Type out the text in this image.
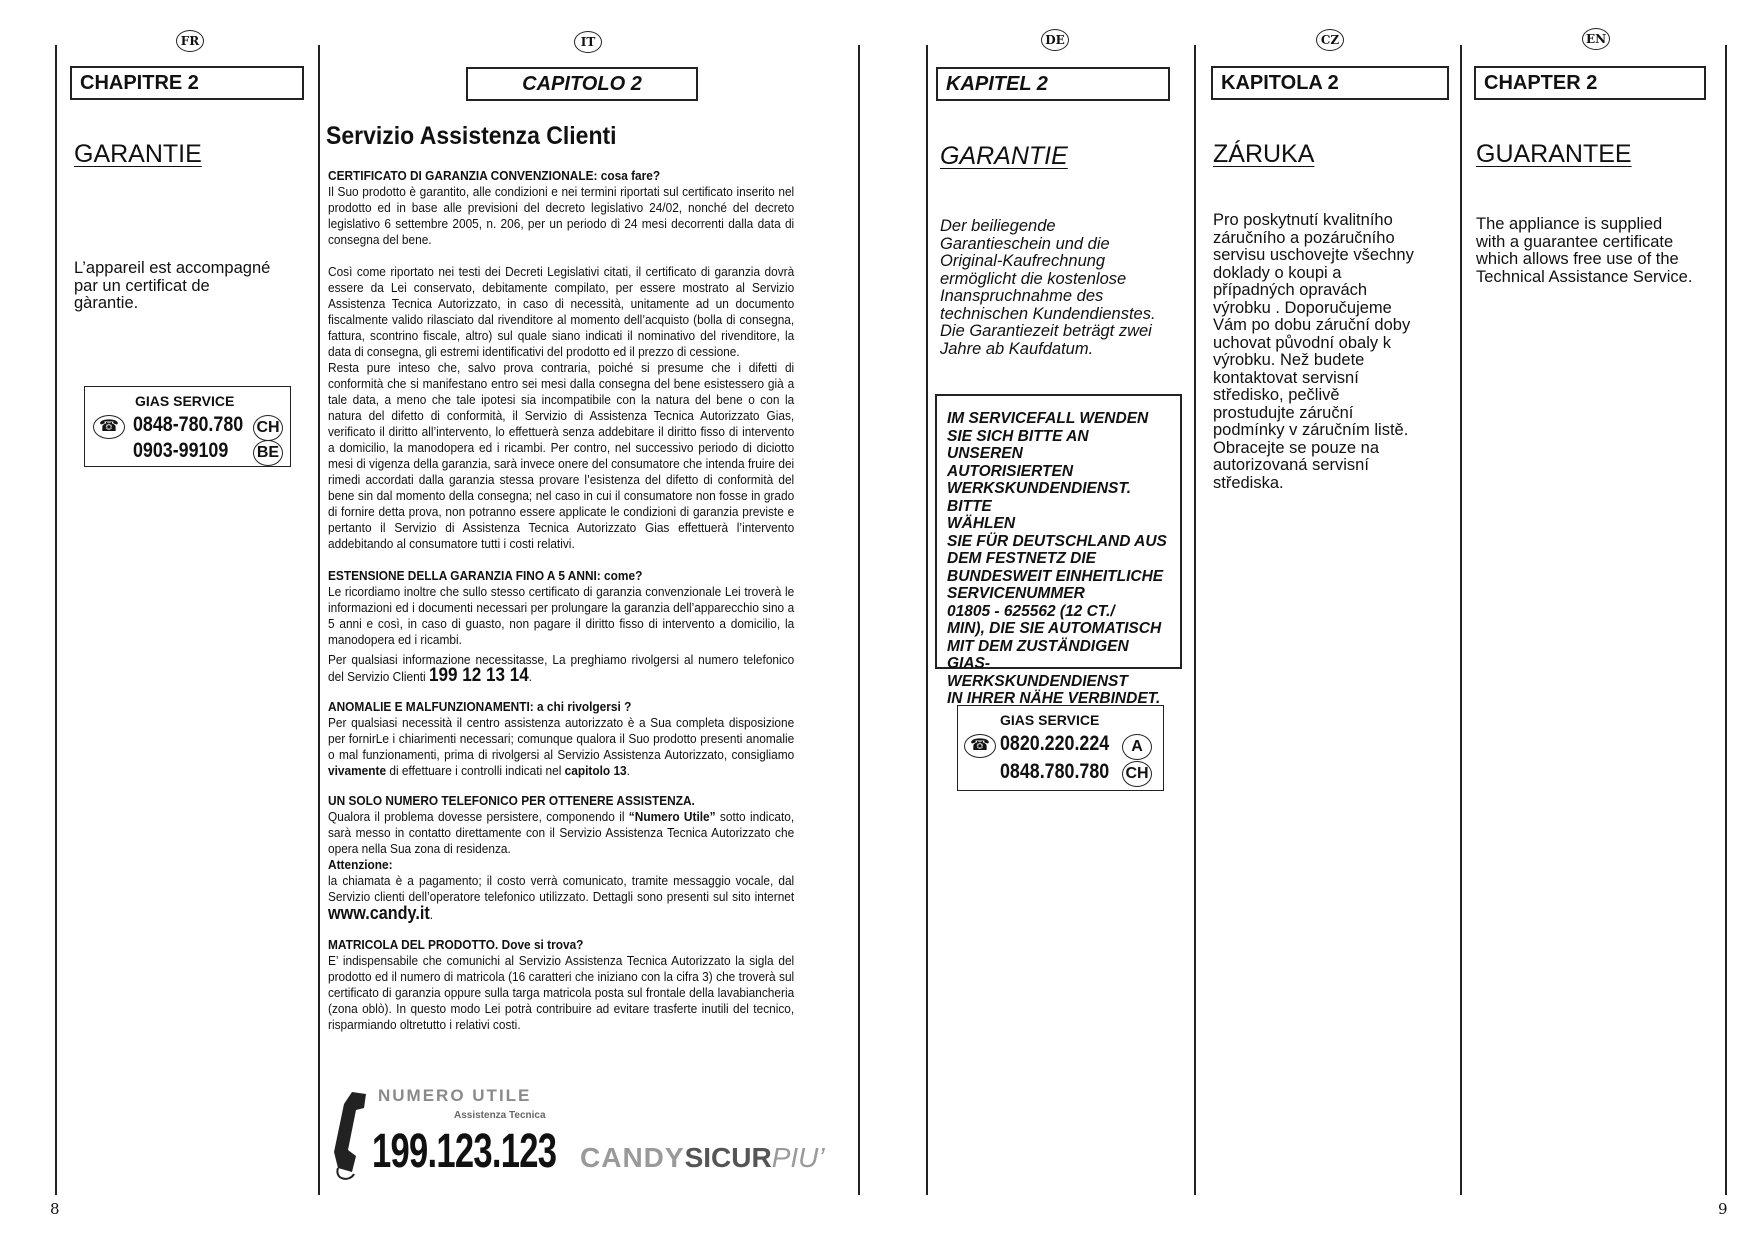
FR	IT	DE	CZ	EN
CHAPITRE 2
GARANTIE
L’appareil est accompagné
par un certificat de
gàrantie.
GIAS SERVICE
☎ 0848-780.780 CH
0903-99109 BE
CAPITOLO 2
Servizio Assistenza Clienti

CERTIFICATO DI GARANZIA CONVENZIONALE: cosa fare?

Il Suo prodotto è garantito, alle condizioni e nei termini riportati sul certificato inserito nel prodotto ed in base alle previsioni del decreto legislativo 24/02, nonché del decreto legislativo 6 settembre 2005, n. 206, per un periodo di 24 mesi decorrenti dalla data di consegna del bene.

Così come riportato nei testi dei Decreti Legislativi citati, il certificato di garanzia dovrà essere da Lei conservato, debitamente compilato, per essere mostrato al Servizio Assistenza Tecnica Autorizzato, in caso di necessità, unitamente ad un documento fiscalmente valido rilasciato dal rivenditore al momento dell’acquisto (bolla di consegna, fattura, scontrino fiscale, altro) sul quale siano indicati il nominativo del rivenditore, la data di consegna, gli estremi identificativi del prodotto ed il prezzo di cessione.

Resta pure inteso che, salvo prova contraria, poiché si presume che i difetti di conformità che si manifestano entro sei mesi dalla consegna del bene esistessero già a tale data, a meno che tale ipotesi sia incompatibile con la natura del bene o con la natura del difetto di conformità, il Servizio di Assistenza Tecnica Autorizzato Gias, verificato il diritto all’intervento, lo effettuerà senza addebitare il diritto fisso di intervento a domicilio, la manodopera ed i ricambi. Per contro, nel successivo periodo di diciotto mesi di vigenza della garanzia, sarà invece onere del consumatore che intenda fruire dei rimedi accordati dalla garanzia stessa provare l’esistenza del difetto di conformità del bene sin dal momento della consegna; nel caso in cui il consumatore non fosse in grado di fornire detta prova, non potranno essere applicate le condizioni di garanzia previste e pertanto il Servizio di Assistenza Tecnica Autorizzato Gias effettuerà l’intervento addebitando al consumatore tutti i costi relativi.

ESTENSIONE DELLA GARANZIA FINO A 5 ANNI: come?

Le ricordiamo inoltre che sullo stesso certificato di garanzia convenzionale Lei troverà le informazioni ed i documenti necessari per prolungare la garanzia dell’apparecchio sino a 5 anni e così, in caso di guasto, non pagare il diritto fisso di intervento a domicilio, la manodopera ed i ricambi.

Per qualsiasi informazione necessitasse, La preghiamo rivolgersi al numero telefonico del Servizio Clienti 199 12 13 14.

ANOMALIE E MALFUNZIONAMENTI: a chi rivolgersi ?

Per qualsiasi necessità il centro assistenza autorizzato è a Sua completa disposizione per fornirLe i chiarimenti necessari; comunque qualora il Suo prodotto presenti anomalie o mal funzionamenti, prima di rivolgersi al Servizio Assistenza Autorizzato, consigliamo vivamente di effettuare i controlli indicati nel capitolo 13.

UN SOLO NUMERO TELEFONICO PER OTTENERE ASSISTENZA.

Qualora il problema dovesse persistere, componendo il “Numero Utile” sotto indicato, sarà messo in contatto direttamente con il Servizio Assistenza Tecnica Autorizzato che opera nella Sua zona di residenza.

Attenzione:

la chiamata è a pagamento; il costo verrà comunicato, tramite messaggio vocale, dal Servizio clienti dell’operatore telefonico utilizzato. Dettagli sono presenti sul sito internet www.candy.it.

MATRICOLA DEL PRODOTTO. Dove si trova?

E’ indispensabile che comunichi al Servizio Assistenza Tecnica Autorizzato la sigla del prodotto ed il numero di matricola (16 caratteri che iniziano con la cifra 3) che troverà sul certificato di garanzia oppure sulla targa matricola posta sul frontale della lavabiancheria (zona oblò). In questo modo Lei potrà contribuire ad evitare trasferte inutili del tecnico, risparmiando oltretutto i relativi costi.

NUMERO UTILE
Assistenza Tecnica
199.123.123 CANDYSICURPIU’
KAPITEL 2
GARANTIE
Der beiliegende
Garantieschein und die
Original-Kaufrechnung
ermöglicht die kostenlose
Inanspruchnahme des
technischen Kundendienstes.
Die Garantiezeit beträgt zwei
Jahre ab Kaufdatum.
IM SERVICEFALL WENDEN
SIE SICH BITTE AN UNSEREN
AUTORISIERTEN
WERKSKUNDENDIENST. BITTE
WÄHLEN
SIE FÜR DEUTSCHLAND AUS
DEM FESTNETZ DIE
BUNDESWEIT EINHEITLICHE
SERVICENUMMER
01805 - 625562 (12 CT./
MIN), DIE SIE AUTOMATISCH
MIT DEM ZUSTÄNDIGEN
GIAS-WERKSKUNDENDIENST
IN IHRER NÄHE VERBINDET.
GIAS SERVICE
☎ 0820.220.224	A
0848.780.780 CH
KAPITOLA 2
ZÁRUKA
Pro poskytnutí kvalitního
záručního a pozáručního
servisu uschovejte všechny
doklady o koupi a
případných opravách
výrobku . Doporučujeme
Vám po dobu záruční doby
uchovat původní obaly k
výrobku. Než budete
kontaktovat servisní
středisko, pečlivě
prostudujte záruční
podmínky v záručním listě.
Obracejte se pouze na
autorizovaná servisní
střediska.
CHAPTER 2
GUARANTEE
The appliance is supplied
with a guarantee certificate
which allows free use of the
Technical Assistance Service.
8	9
